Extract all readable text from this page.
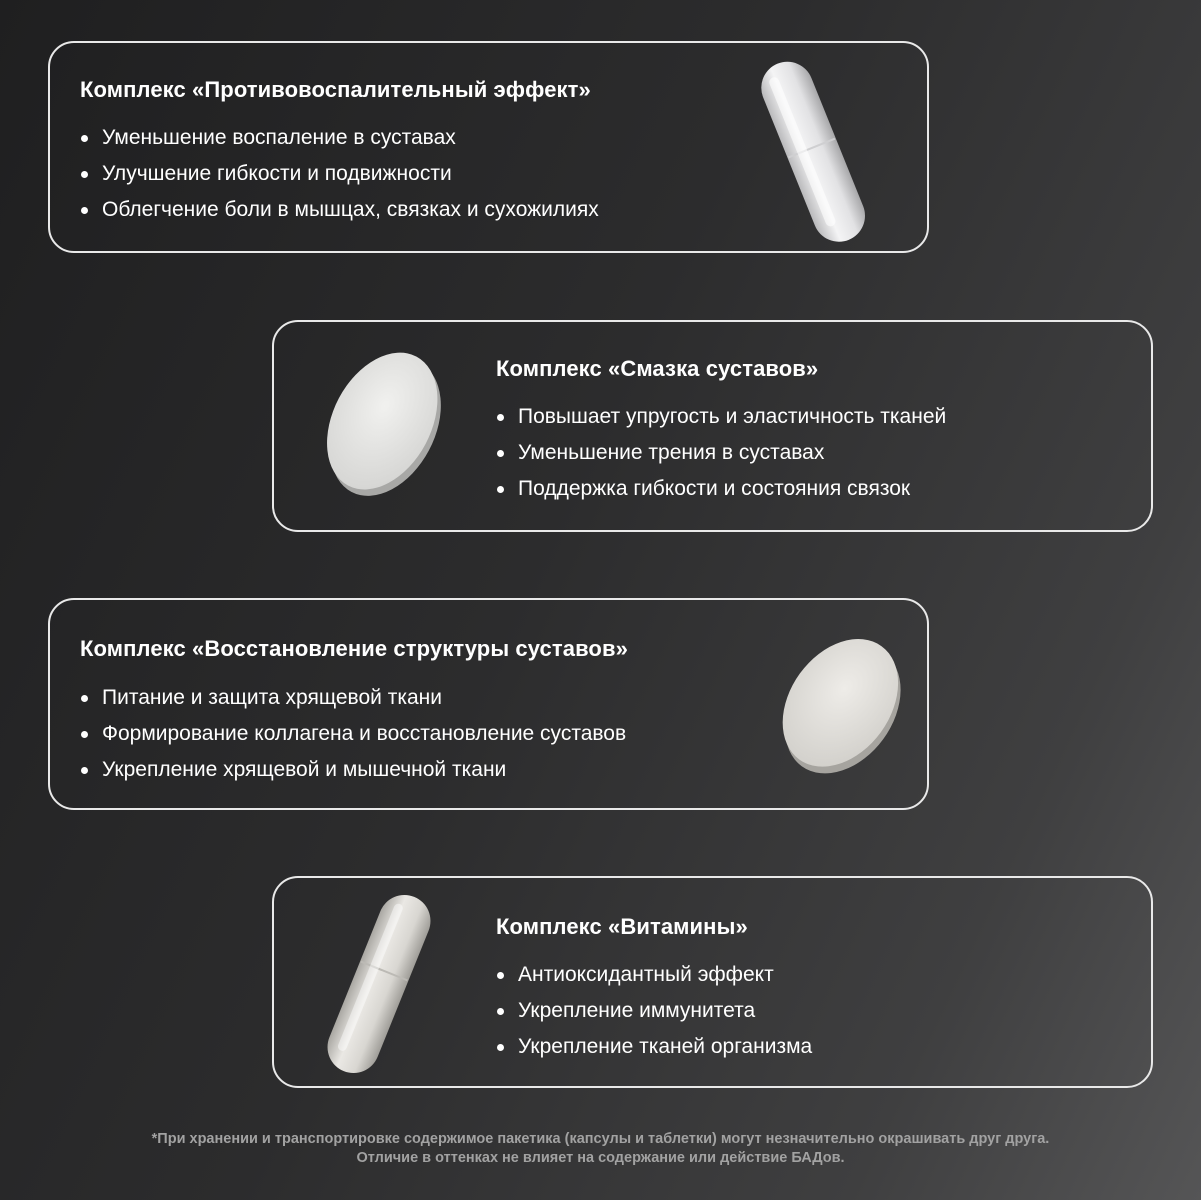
Комплекс «Противовоспалительный эффект»
Уменьшение воспаление в суставах
Улучшение гибкости и подвижности
Облегчение боли в мышцах, связках и сухожилиях
Комплекс «Смазка суставов»
Повышает упругость и эластичность тканей
Уменьшение трения в суставах
Поддержка гибкости и состояния связок
Комплекс «Восстановление структуры суставов»
Питание и защита хрящевой ткани
Формирование коллагена и восстановление суставов
Укрепление хрящевой и мышечной ткани
Комплекс «Витамины»
Антиоксидантный эффект
Укрепление иммунитета
Укрепление тканей организма

*При хранении и транспортировке содержимое пакетика (капсулы и таблетки) могут незначительно окрашивать друг друга.

Отличие в оттенках не влияет на содержание или действие БАДов.
